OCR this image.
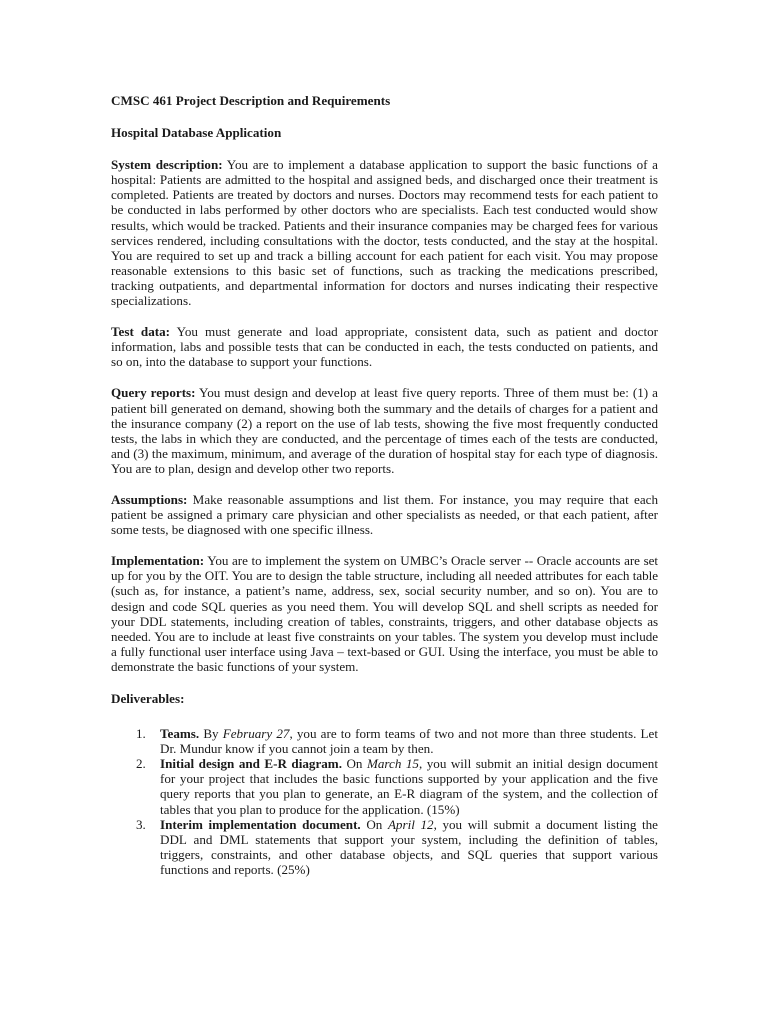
CMSC 461 Project Description and Requirements
Hospital Database Application

System description: You are to implement a database application to support the basic functions of a hospital: Patients are admitted to the hospital and assigned beds, and discharged once their treatment is completed. Patients are treated by doctors and nurses. Doctors may recommend tests for each patient to be conducted in labs performed by other doctors who are specialists. Each test conducted would show results, which would be tracked. Patients and their insurance companies may be charged fees for various services rendered, including consultations with the doctor, tests conducted, and the stay at the hospital. You are required to set up and track a billing account for each patient for each visit. You may propose reasonable extensions to this basic set of functions, such as tracking the medications prescribed, tracking outpatients, and departmental information for doctors and nurses indicating their respective specializations.

Test data: You must generate and load appropriate, consistent data, such as patient and doctor information, labs and possible tests that can be conducted in each, the tests conducted on patients, and so on, into the database to support your functions.

Query reports: You must design and develop at least five query reports. Three of them must be: (1) a patient bill generated on demand, showing both the summary and the details of charges for a patient and the insurance company (2) a report on the use of lab tests, showing the five most frequently conducted tests, the labs in which they are conducted, and the percentage of times each of the tests are conducted, and (3) the maximum, minimum, and average of the duration of hospital stay for each type of diagnosis. You are to plan, design and develop other two reports.

Assumptions: Make reasonable assumptions and list them. For instance, you may require that each patient be assigned a primary care physician and other specialists as needed, or that each patient, after some tests, be diagnosed with one specific illness.

Implementation: You are to implement the system on UMBC’s Oracle server -- Oracle accounts are set up for you by the OIT. You are to design the table structure, including all needed attributes for each table (such as, for instance, a patient’s name, address, sex, social security number, and so on). You are to design and code SQL queries as you need them. You will develop SQL and shell scripts as needed for your DDL statements, including creation of tables, constraints, triggers, and other database objects as needed. You are to include at least five constraints on your tables. The system you develop must include a fully functional user interface using Java – text-based or GUI. Using the interface, you must be able to demonstrate the basic functions of your system.

Deliverables:
1. Teams. By February 27, you are to form teams of two and not more than three students. Let Dr. Mundur know if you cannot join a team by then.
2. Initial design and E-R diagram. On March 15, you will submit an initial design document for your project that includes the basic functions supported by your application and the five query reports that you plan to generate, an E-R diagram of the system, and the collection of tables that you plan to produce for the application. (15%)
3. Interim implementation document. On April 12, you will submit a document listing the DDL and DML statements that support your system, including the definition of tables, triggers, constraints, and other database objects, and SQL queries that support various functions and reports. (25%)
